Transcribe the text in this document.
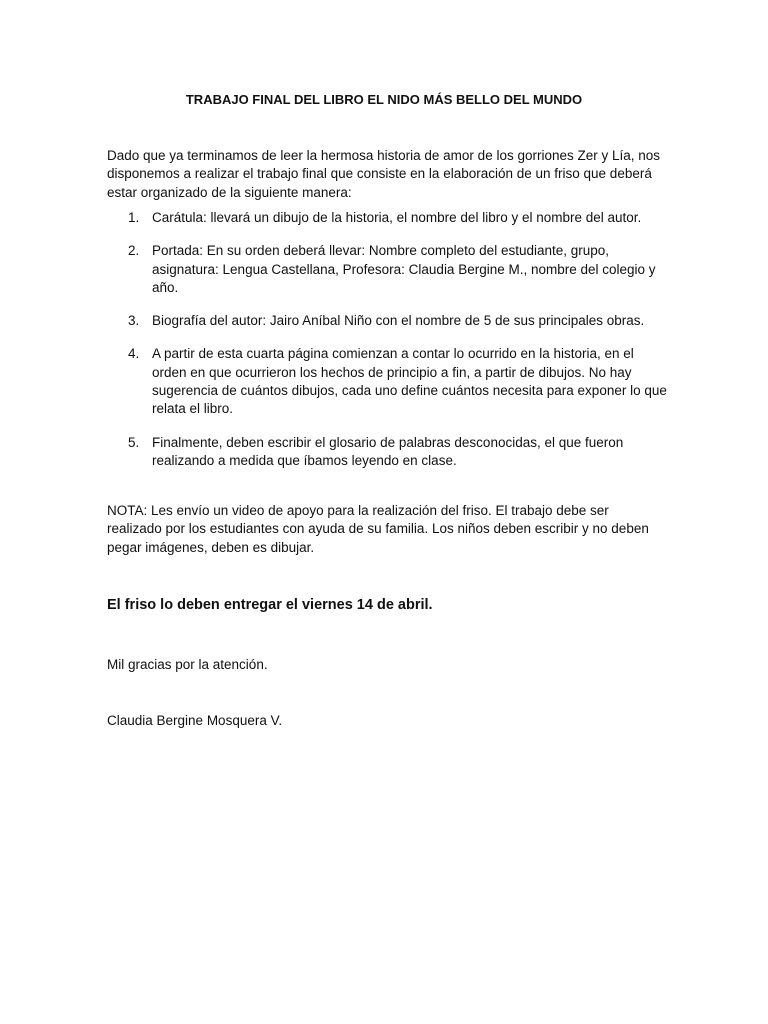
TRABAJO FINAL DEL LIBRO EL NIDO MÁS BELLO DEL MUNDO

Dado que ya terminamos de leer la hermosa historia de amor de los gorriones Zer y Lía, nos disponemos a realizar el trabajo final que consiste en la elaboración de un friso que deberá estar organizado de la siguiente manera:

1. Carátula: llevará un dibujo de la historia, el nombre del libro y el nombre del autor.
2. Portada: En su orden deberá llevar: Nombre completo del estudiante, grupo, asignatura: Lengua Castellana, Profesora: Claudia Bergine M., nombre del colegio y año.
3. Biografía del autor: Jairo Aníbal Niño con el nombre de 5 de sus principales obras.
4. A partir de esta cuarta página comienzan a contar lo ocurrido en la historia, en el orden en que ocurrieron los hechos de principio a fin, a partir de dibujos. No hay sugerencia de cuántos dibujos, cada uno define cuántos necesita para exponer lo que relata el libro.
5. Finalmente, deben escribir el glosario de palabras desconocidas, el que fueron realizando a medida que íbamos leyendo en clase.

NOTA: Les envío un video de apoyo para la realización del friso. El trabajo debe ser realizado por los estudiantes con ayuda de su familia. Los niños deben escribir y no deben pegar imágenes, deben es dibujar.

El friso lo deben entregar el viernes 14 de abril.

Mil gracias por la atención.

Claudia Bergine Mosquera V.
